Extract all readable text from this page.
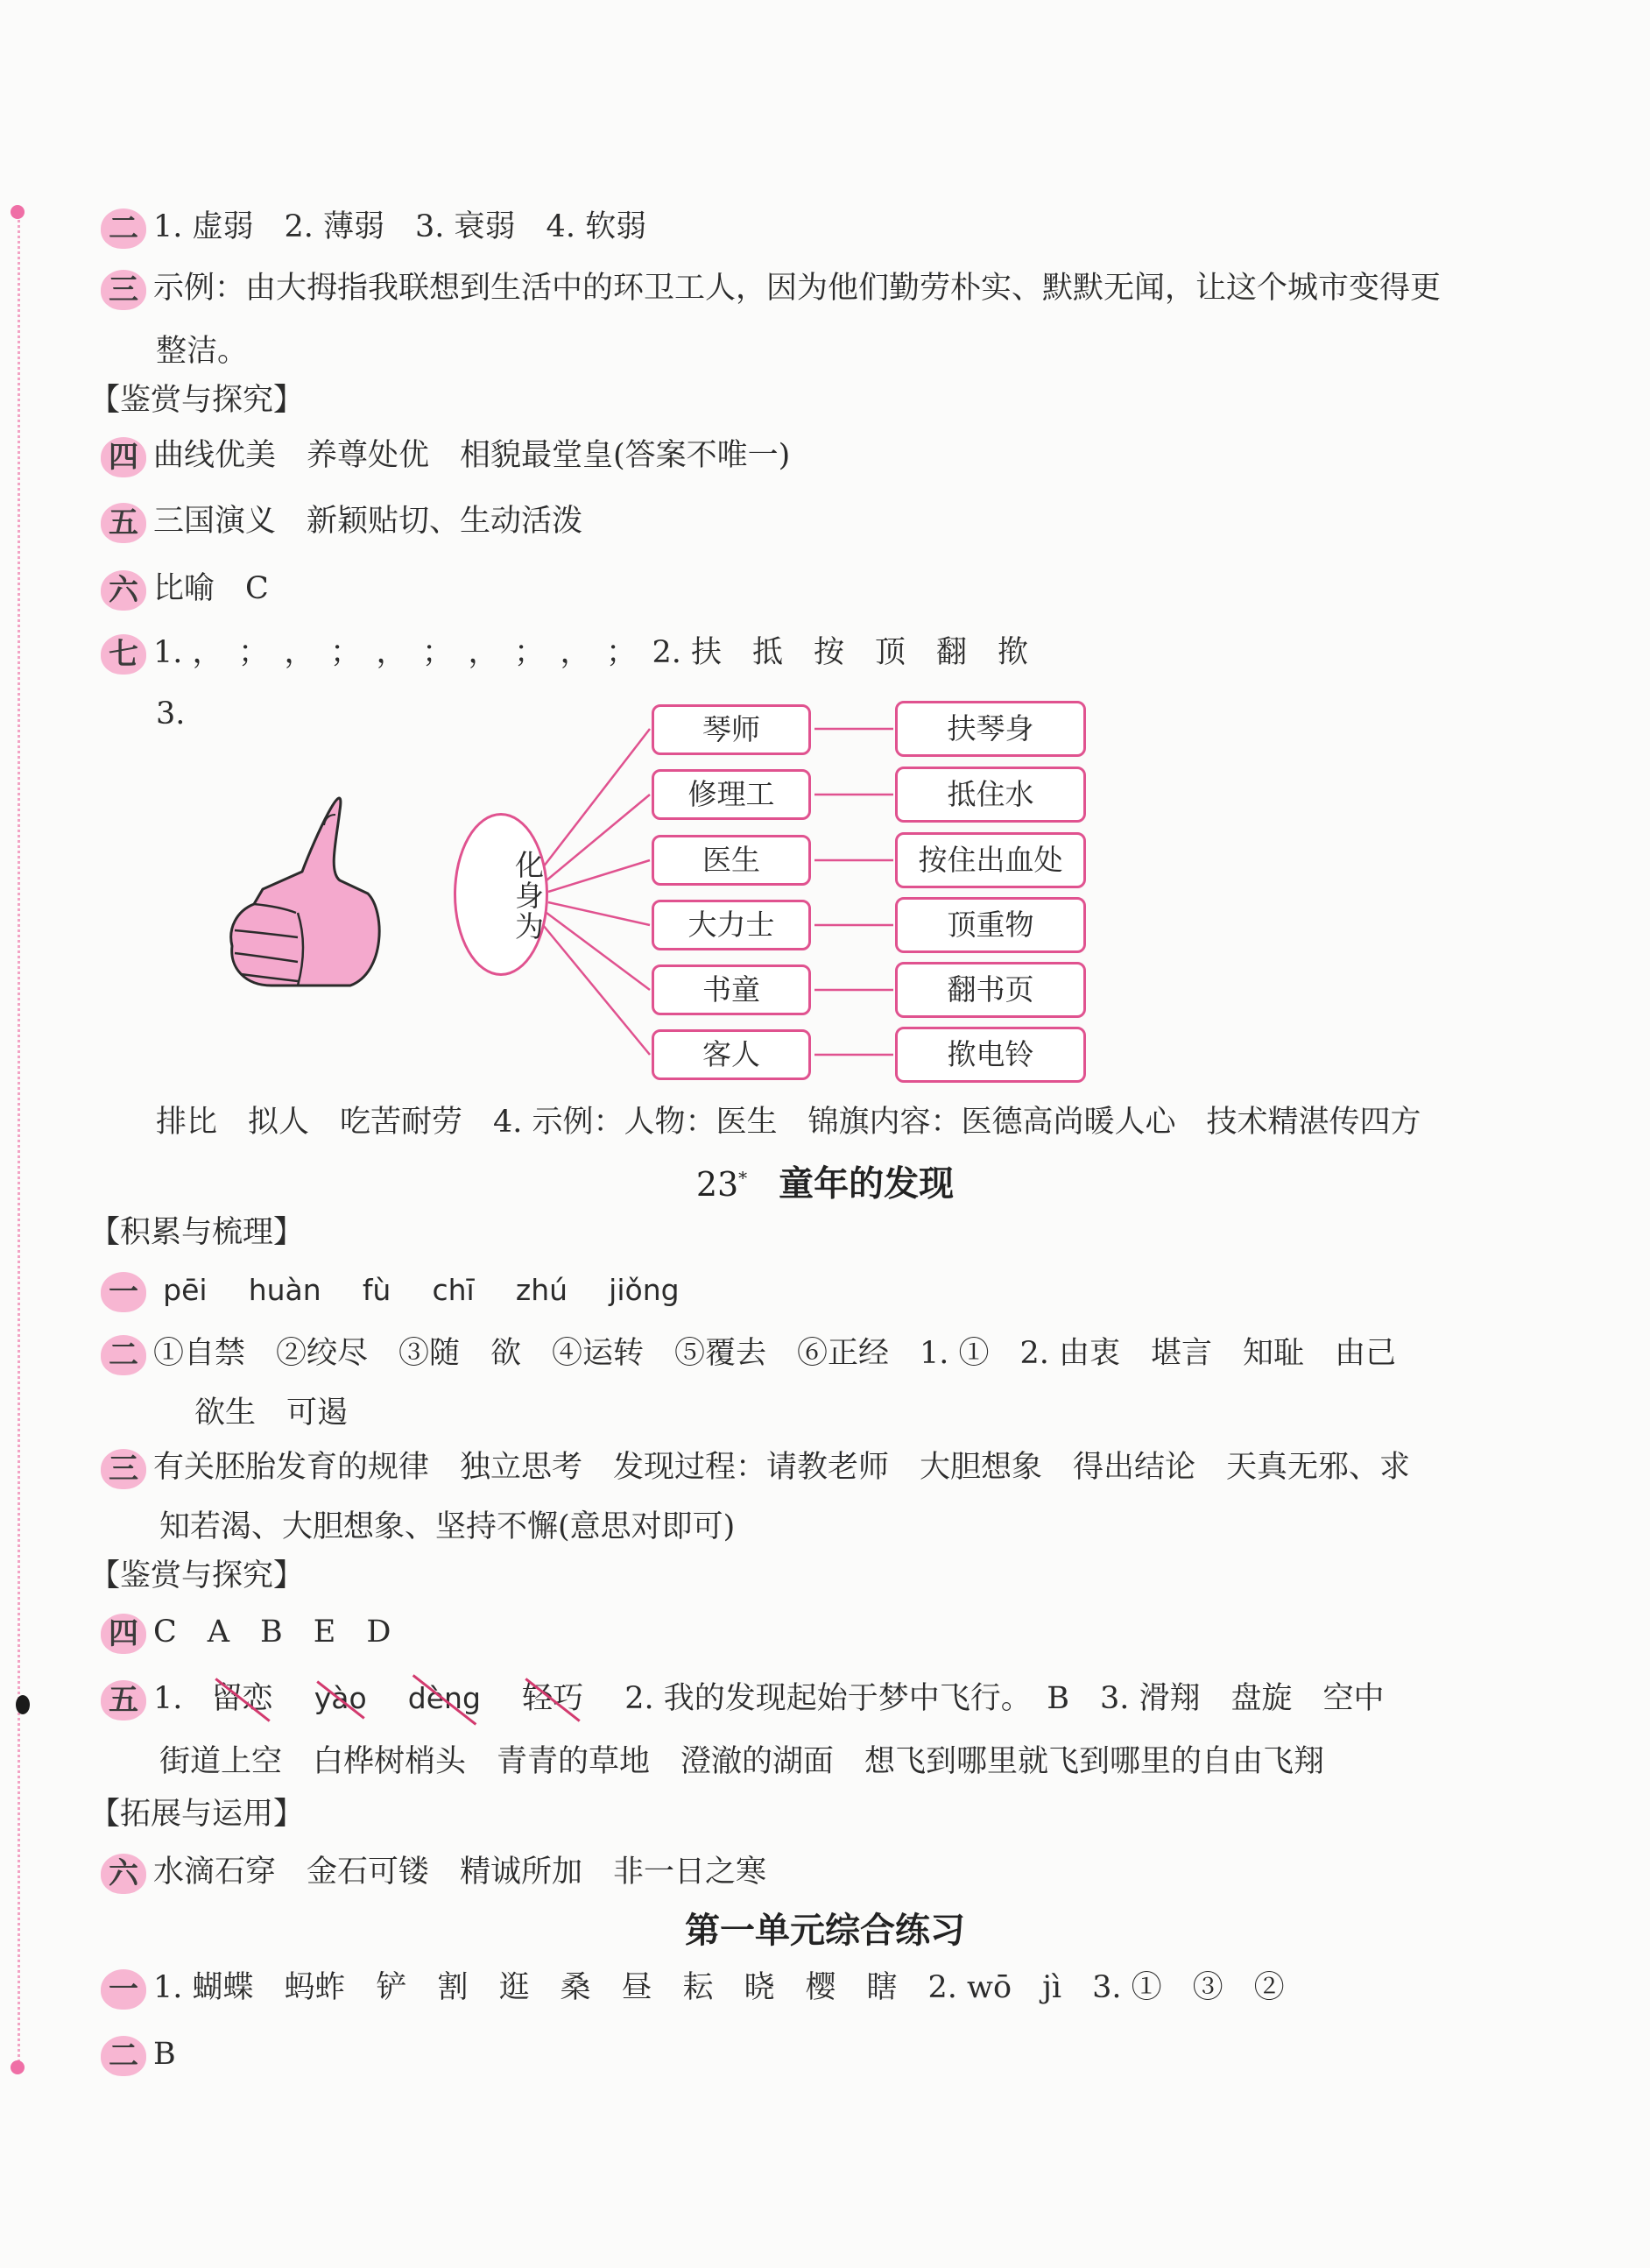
二 1. 虚弱　2. 薄弱　3. 衰弱　4. 软弱
三 示例：由大拇指我联想到生活中的环卫工人，因为他们勤劳朴实、默默无闻，让这个城市变得更
整洁。
【鉴赏与探究】
四 曲线优美　养尊处优　相貌最堂皇(答案不唯一)
五 三国演义　新颖贴切、生动活泼
六 比喻　C
七 1. ，　；　，　；　，　；　，　；　，　；　2. 扶　抵　按　顶　翻　揿
3.
化身为
琴师
修理工
医生
大力士
书童
客人
扶琴身
抵住水
按住出血处
顶重物
翻书页
揿电铃
排比　拟人　吃苦耐劳　4. 示例：人物：医生　锦旗内容：医德高尚暖人心　技术精湛传四方
23* 童年的发现
【积累与梳理】
一 pēi huàn fù chī zhú jiǒng
二 ①自禁　②绞尽　③随　欲　④运转　⑤覆去　⑥正经　1. ①　2. 由衷　堪言　知耻　由己
欲生　可遏
三 有关胚胎发育的规律　独立思考　发现过程：请教老师　大胆想象　得出结论　天真无邪、求
知若渴、大胆想象、坚持不懈(意思对即可)
【鉴赏与探究】
四 C　A　B　E　D
五 1. 留恋 yào dèng 轻巧 2. 我的发现起始于梦中飞行。　B　3. 滑翔　盘旋　空中
街道上空　白桦树梢头　青青的草地　澄澈的湖面　想飞到哪里就飞到哪里的自由飞翔
【拓展与运用】
六 水滴石穿　金石可镂　精诚所加　非一日之寒
第一单元综合练习
一 1. 蝴蝶　蚂蚱　铲　割　逛　桑　昼　耘　晓　樱　瞎　2. wō　jì　3. ①　③　②
二 B
